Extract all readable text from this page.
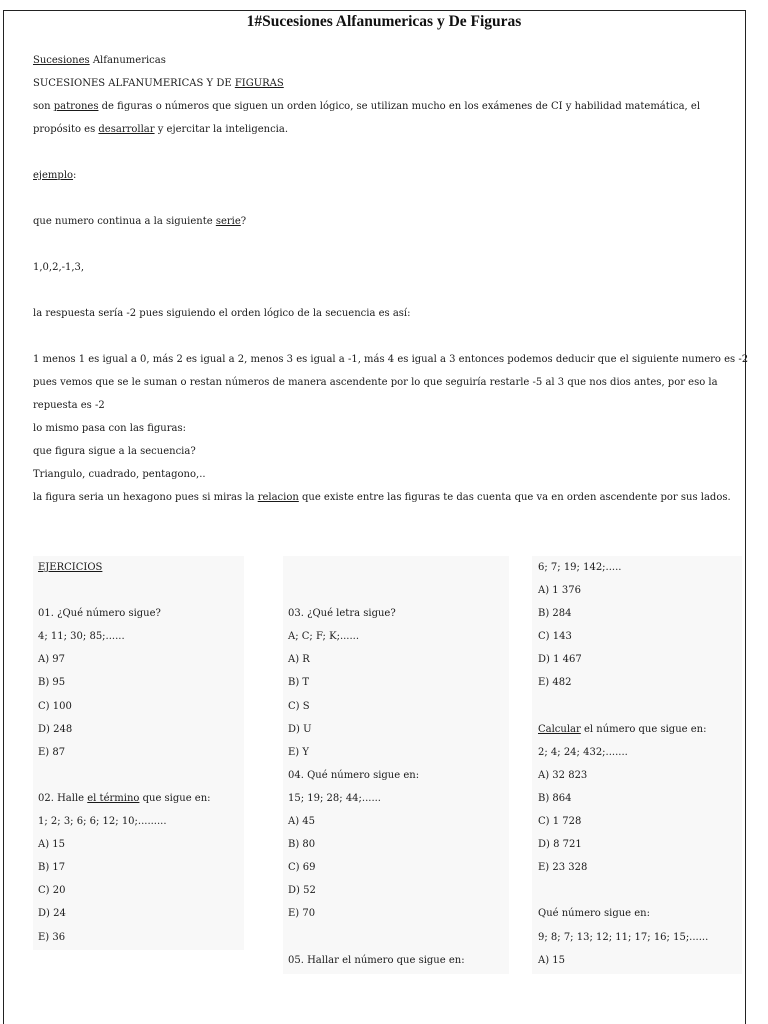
1#Sucesiones Alfanumericas y De Figuras
Sucesiones Alfanumericas
SUCESIONES ALFANUMERICAS Y DE FIGURAS
son patrones de figuras o números que siguen un orden lógico, se utilizan mucho en los exámenes de CI y habilidad matemática, el
propósito es desarrollar y ejercitar la inteligencia.
ejemplo:
que numero continua a la siguiente serie?
1,0,2,-1,3,
la respuesta sería -2 pues siguiendo el orden lógico de la secuencia es así:
1 menos 1 es igual a 0, más 2 es igual a 2, menos 3 es igual a -1, más 4 es igual a 3 entonces podemos deducir que el siguiente numero es -2
pues vemos que se le suman o restan números de manera ascendente por lo que seguiría restarle -5 al 3 que nos dios antes, por eso la
repuesta es -2
lo mismo pasa con las figuras:
que figura sigue a la secuencia?
Triangulo, cuadrado, pentagono,..
la figura seria un hexagono pues si miras la relacion que existe entre las figuras te das cuenta que va en orden ascendente por sus lados.
EJERCICIOS
01. ¿Qué número sigue?
4; 11; 30; 85;......
A) 97
B) 95
C) 100
D) 248
E) 87
02. Halle el término que sigue en:
1; 2; 3; 6; 6; 12; 10;.........
A) 15
B) 17
C) 20
D) 24
E) 36
03. ¿Qué letra sigue?
A; C; F; K;......
A) R
B) T
C) S
D) U
E) Y
04. Qué número sigue en:
15; 19; 28; 44;......
A) 45
B) 80
C) 69
D) 52
E) 70
05. Hallar el número que sigue en:
6; 7; 19; 142;.....
A) 1 376
B) 284
C) 143
D) 1 467
E) 482
Calcular el número que sigue en:
2; 4; 24; 432;.......
A) 32 823
B) 864
C) 1 728
D) 8 721
E) 23 328
Qué número sigue en:
9; 8; 7; 13; 12; 11; 17; 16; 15;......
A) 15
